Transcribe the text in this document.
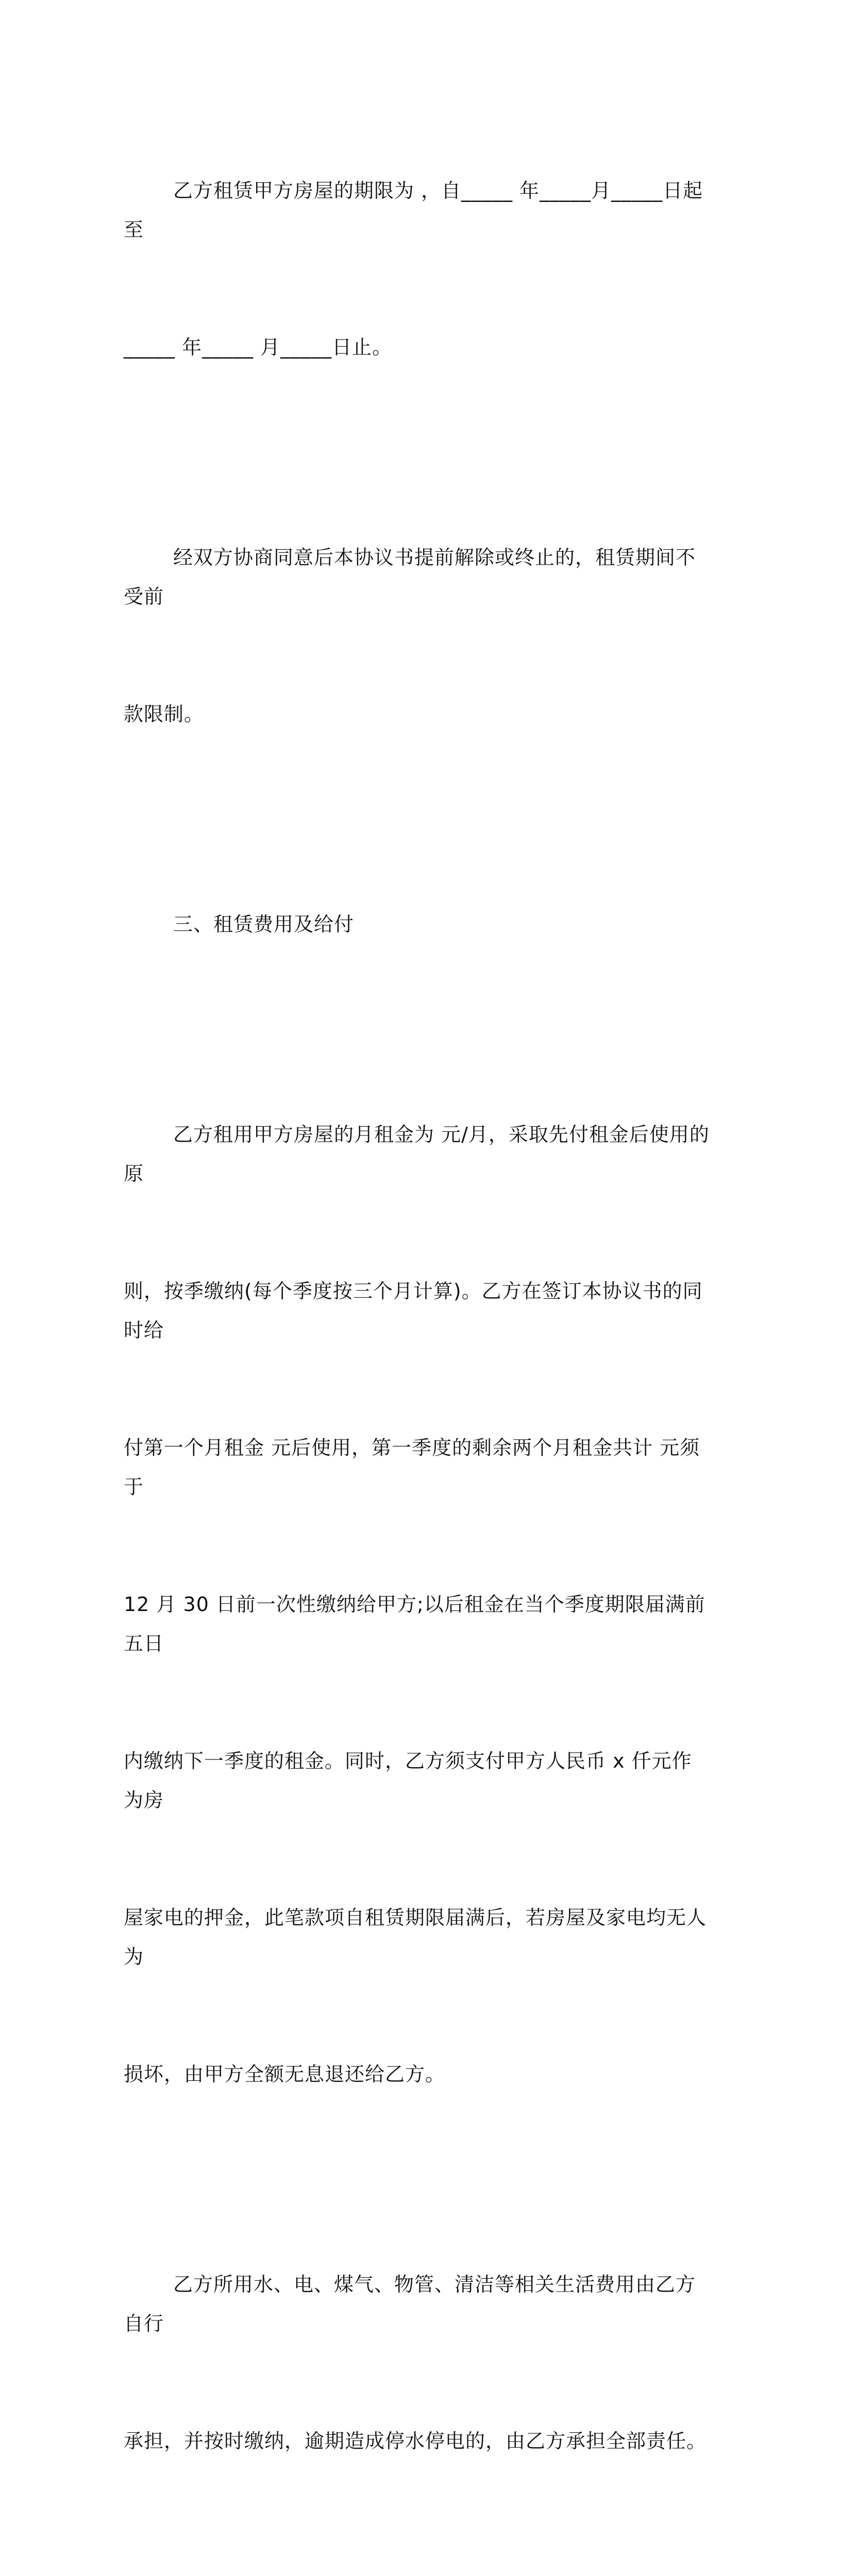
乙方租赁甲方房屋的期限为 ，自_____ 年_____月_____日起至

_____ 年_____ 月_____日止。

经双方协商同意后本协议书提前解除或终止的，租赁期间不受前

款限制。

三、租赁费用及给付

乙方租用甲方房屋的月租金为 元/月，采取先付租金后使用的原

则，按季缴纳(每个季度按三个月计算)。乙方在签订本协议书的同时给

付第一个月租金 元后使用，第一季度的剩余两个月租金共计 元须于

12 月 30 日前一次性缴纳给甲方;以后租金在当个季度期限届满前五日

内缴纳下一季度的租金。同时，乙方须支付甲方人民币 x 仟元作为房

屋家电的押金，此笔款项自租赁期限届满后，若房屋及家电均无人为

损坏，由甲方全额无息退还给乙方。

乙方所用水、电、煤气、物管、清洁等相关生活费用由乙方自行

承担，并按时缴纳，逾期造成停水停电的，由乙方承担全部责任。
